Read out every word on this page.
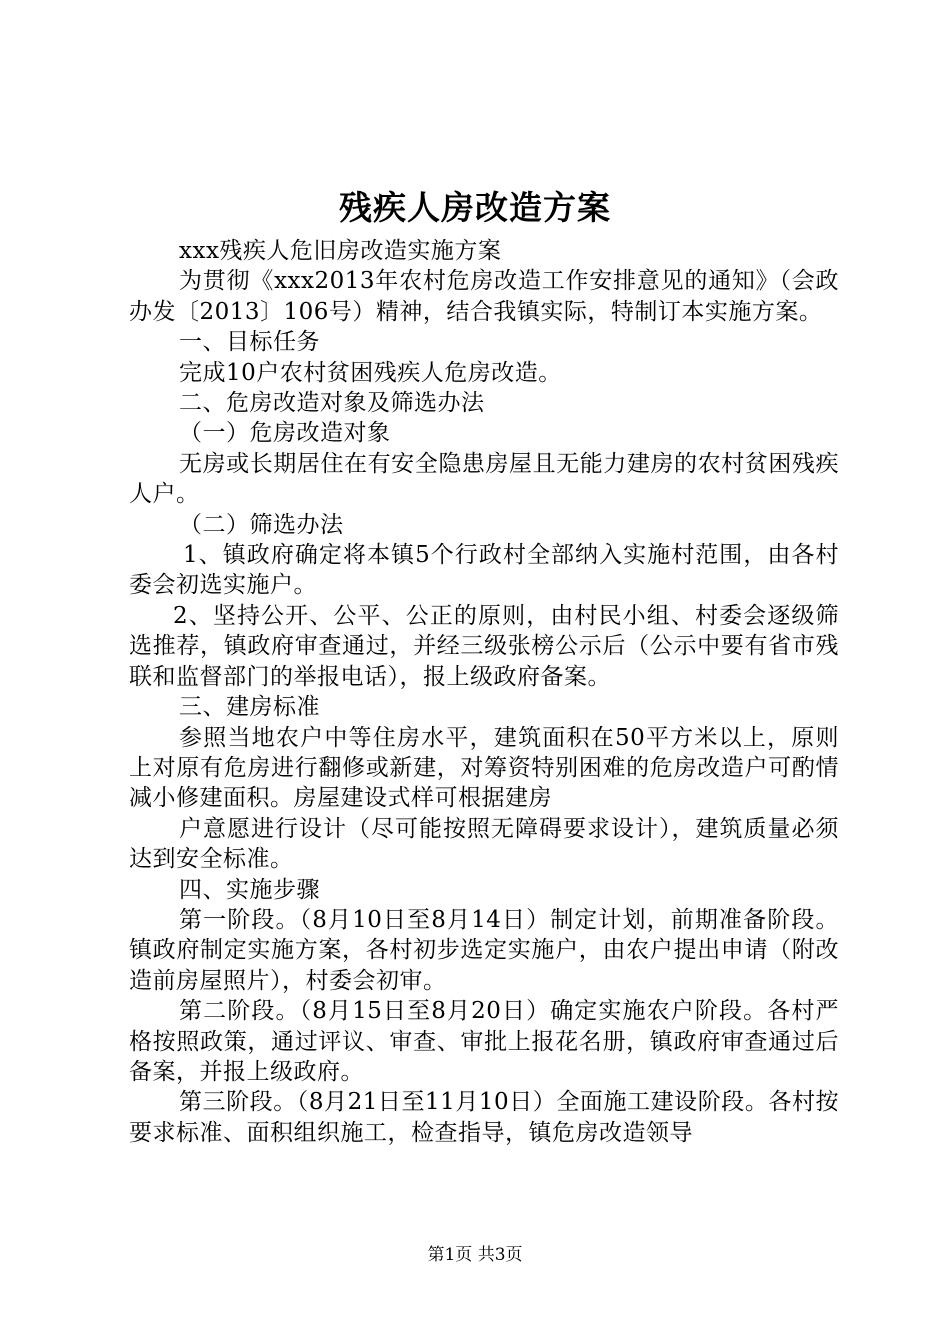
残疾人房改造方案

xxx残疾人危旧房改造实施方案

为贯彻《xxx2013年农村危房改造工作安排意见的通知》（会政办发〔2013〕106号）精神，结合我镇实际，特制订本实施方案。

一、目标任务

完成10户农村贫困残疾人危房改造。

二、危房改造对象及筛选办法

（一）危房改造对象

无房或长期居住在有安全隐患房屋且无能力建房的农村贫困残疾人户。

（二）筛选办法

1、镇政府确定将本镇5个行政村全部纳入实施村范围，由各村委会初选实施户。

2、坚持公开、公平、公正的原则，由村民小组、村委会逐级筛选推荐，镇政府审查通过，并经三级张榜公示后（公示中要有省市残联和监督部门的举报电话），报上级政府备案。

三、建房标准

参照当地农户中等住房水平，建筑面积在50平方米以上，原则上对原有危房进行翻修或新建，对筹资特别困难的危房改造户可酌情减小修建面积。房屋建设式样可根据建房

户意愿进行设计（尽可能按照无障碍要求设计），建筑质量必须达到安全标准。

四、实施步骤

第一阶段。（8月10日至8月14日）制定计划，前期准备阶段。镇政府制定实施方案，各村初步选定实施户，由农户提出申请（附改造前房屋照片），村委会初审。

第二阶段。（8月15日至8月20日）确定实施农户阶段。各村严格按照政策，通过评议、审查、审批上报花名册，镇政府审查通过后备案，并报上级政府。

第三阶段。（8月21日至11月10日）全面施工建设阶段。各村按要求标准、面积组织施工，检查指导，镇危房改造领导

第1页 共3页
